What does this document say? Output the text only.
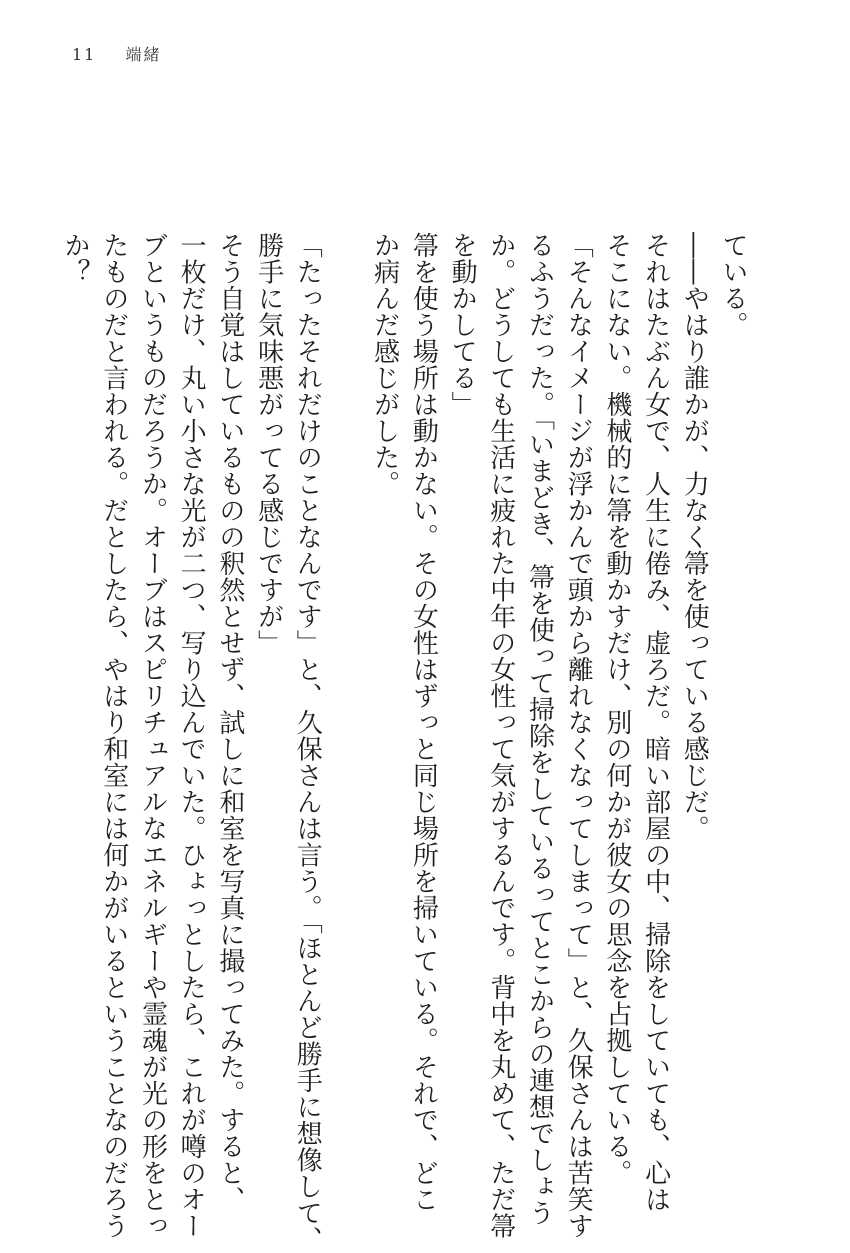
11 端緒

ている。

――やはり誰かが、力なく箒を使っている感じだ。

それはたぶん女で、人生に倦み、虚ろだ。暗い部屋の中、掃除をしていても、心は

そこにない。機械的に箒を動かすだけ、別の何かが彼女の思念を占拠している。

「そんなイメージが浮かんで頭から離れなくなってしまって」と、久保さんは苦笑す

るふうだった。「いまどき、箒を使って掃除をしているってとこからの連想でしょう

か。どうしても生活に疲れた中年の女性って気がするんです。背中を丸めて、ただ箒

を動かしてる」

箒を使う場所は動かない。その女性はずっと同じ場所を掃いている。それで、どこ

か病んだ感じがした。

「たったそれだけのことなんです」と、久保さんは言う。「ほとんど勝手に想像して、

勝手に気味悪がってる感じですが」

そう自覚はしているものの釈然とせず、試しに和室を写真に撮ってみた。すると、

一枚だけ、丸い小さな光が二つ、写り込んでいた。ひょっとしたら、これが噂のオー

ブというものだろうか。オーブはスピリチュアルなエネルギーや霊魂が光の形をとっ

たものだと言われる。だとしたら、やはり和室には何かがいるということなのだろう

か？
